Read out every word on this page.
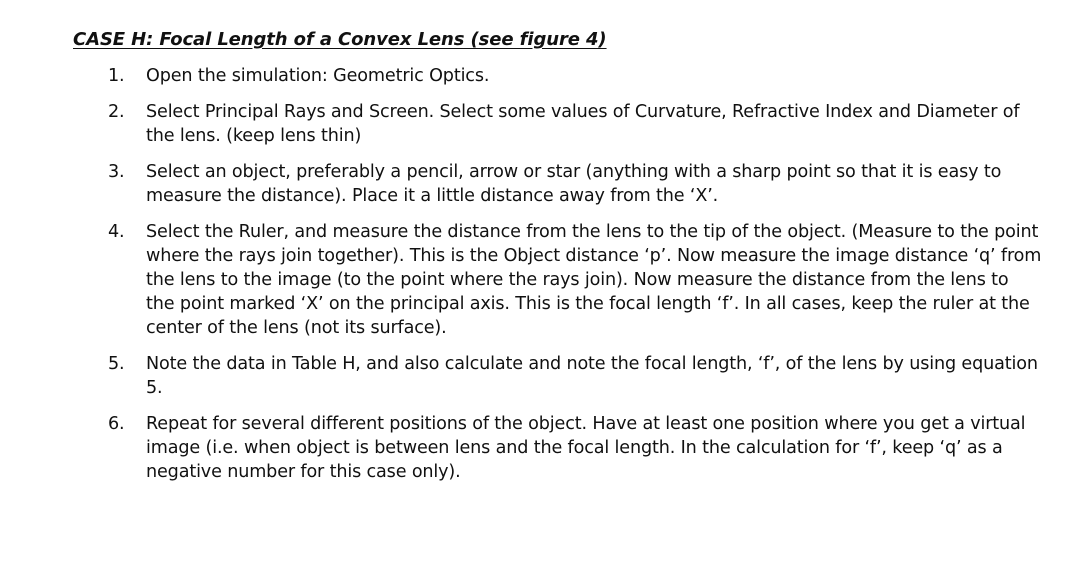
CASE H: Focal Length of a Convex Lens (see figure 4)
1.	Open the simulation: Geometric Optics.
2.	Select Principal Rays and Screen. Select some values of Curvature, Refractive Index and Diameter of the lens. (keep lens thin)
3.	Select an object, preferably a pencil, arrow or star (anything with a sharp point so that it is easy to measure the distance). Place it a little distance away from the ‘X’.
4.	Select the Ruler, and measure the distance from the lens to the tip of the object. (Measure to the point where the rays join together). This is the Object distance ‘p’. Now measure the image distance ‘q’ from the lens to the image (to the point where the rays join). Now measure the distance from the lens to the point marked ‘X’ on the principal axis. This is the focal length ‘f’. In all cases, keep the ruler at the center of the lens (not its surface).
5.	Note the data in Table H, and also calculate and note the focal length, ‘f’, of the lens by using equation 5.
6.	Repeat for several different positions of the object. Have at least one position where you get a virtual image (i.e. when object is between lens and the focal length. In the calculation for ‘f’, keep ‘q’ as a negative number for this case only).
